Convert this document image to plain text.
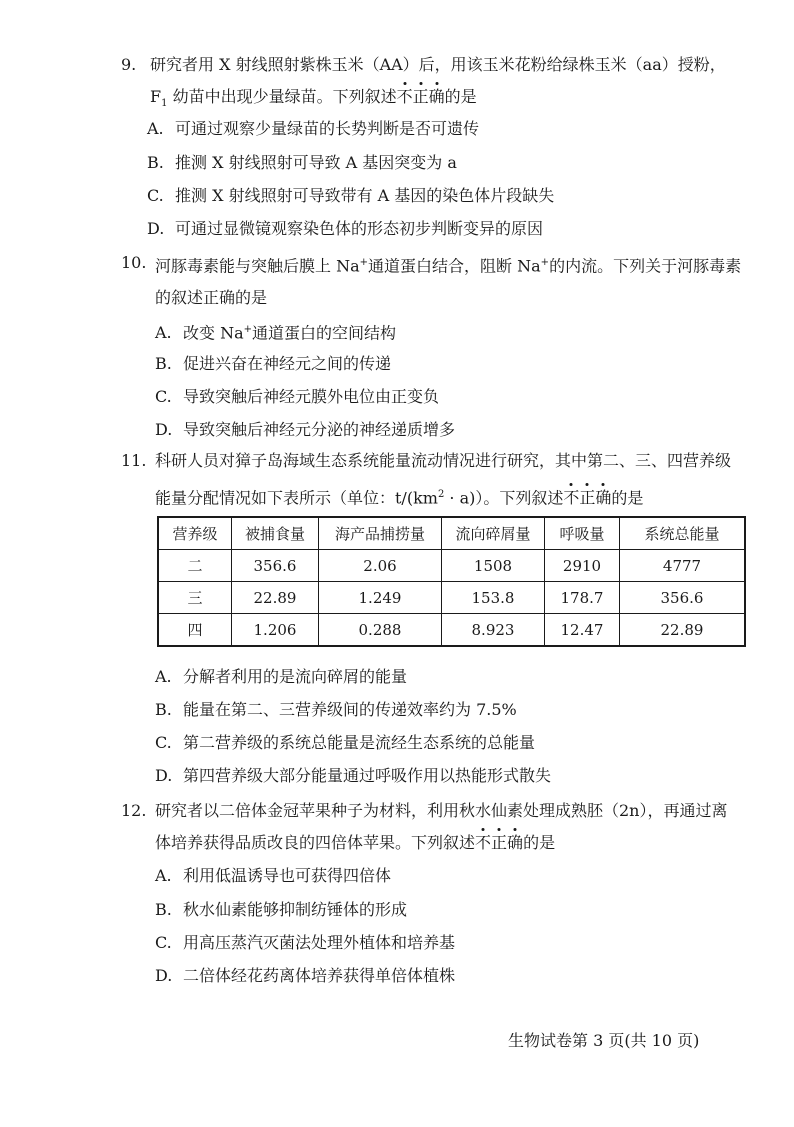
9. 研究者用 X 射线照射紫株玉米（AA）后，用该玉米花粉给绿株玉米（aa）授粉，
$F_1$ 幼苗中出现少量绿苗。下列叙述不正确的是
A. 可通过观察少量绿苗的长势判断是否可遗传
B. 推测 X 射线照射可导致 A 基因突变为 a
C. 推测 X 射线照射可导致带有 A 基因的染色体片段缺失
D. 可通过显微镜观察染色体的形态初步判断变异的原因
10. 河豚毒素能与突触后膜上 Na+通道蛋白结合，阻断 Na+的内流。下列关于河豚毒素
的叙述正确的是
A. 改变 Na+通道蛋白的空间结构
B. 促进兴奋在神经元之间的传递
C. 导致突触后神经元膜外电位由正变负
D. 导致突触后神经元分泌的神经递质增多
11. 科研人员对獐子岛海域生态系统能量流动情况进行研究，其中第二、三、四营养级
能量分配情况如下表所示（单位：$t/(km^2 \cdot a)$）。下列叙述不正确的是
营养级	被捕食量	海产品捕捞量	流向碎屑量	呼吸量	系统总能量
二	356.6	2.06	1508	2910	4777
三	22.89	1.249	153.8	178.7	356.6
四	1.206	0.288	8.923	12.47	22.89
A. 分解者利用的是流向碎屑的能量
B. 能量在第二、三营养级间的传递效率约为 7.5%
C. 第二营养级的系统总能量是流经生态系统的总能量
D. 第四营养级大部分能量通过呼吸作用以热能形式散失
12. 研究者以二倍体金冠苹果种子为材料，利用秋水仙素处理成熟胚（2n），再通过离
体培养获得品质改良的四倍体苹果。下列叙述不正确的是
A. 利用低温诱导也可获得四倍体
B. 秋水仙素能够抑制纺锤体的形成
C. 用高压蒸汽灭菌法处理外植体和培养基
D. 二倍体经花药离体培养获得单倍体植株
生物试卷第 3 页(共 10 页)
